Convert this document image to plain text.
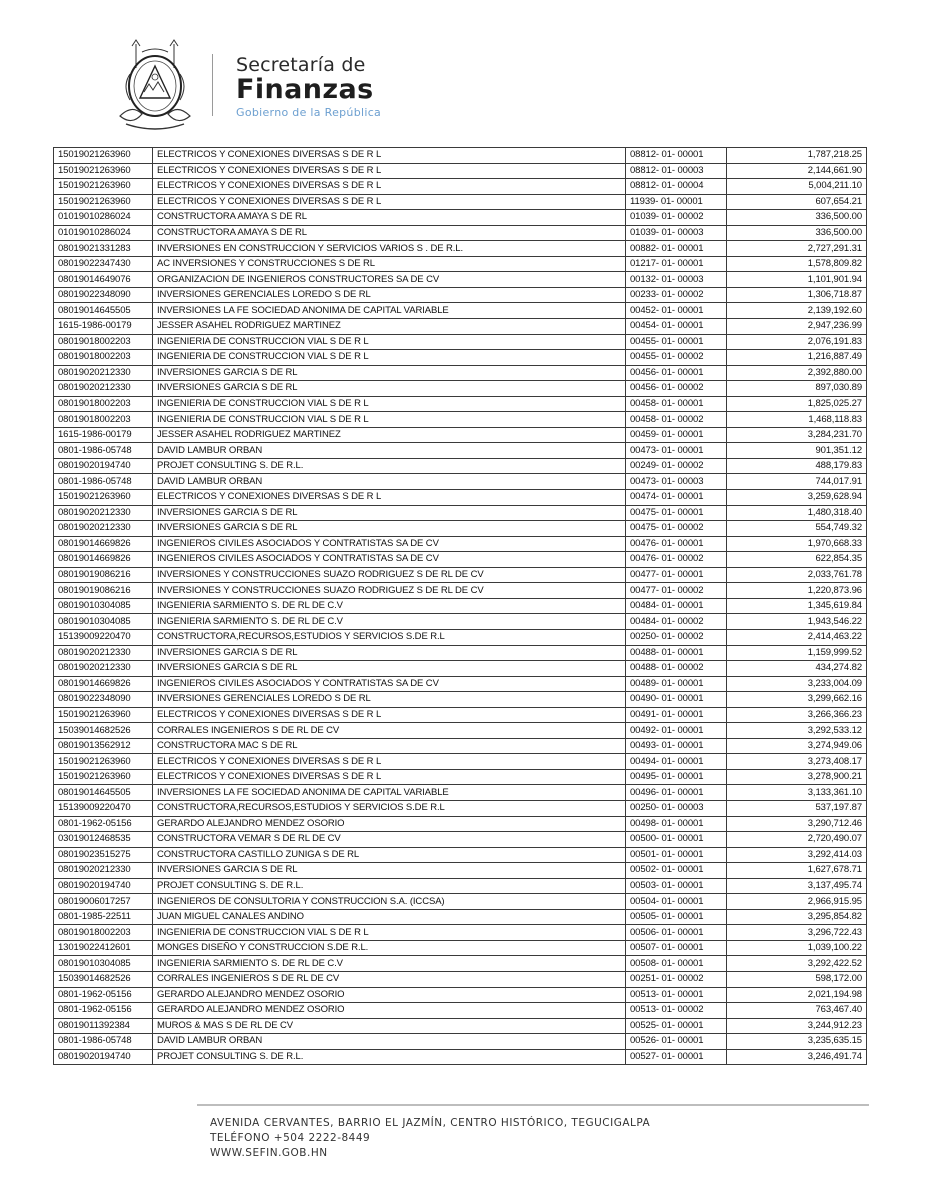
Secretaría de
Finanzas
Gobierno de la República
15019021263960	ELECTRICOS Y CONEXIONES DIVERSAS S DE R L	08812- 01- 00001	1,787,218.25
15019021263960	ELECTRICOS Y CONEXIONES DIVERSAS S DE R L	08812- 01- 00003	2,144,661.90
15019021263960	ELECTRICOS Y CONEXIONES DIVERSAS S DE R L	08812- 01- 00004	5,004,211.10
15019021263960	ELECTRICOS Y CONEXIONES DIVERSAS S DE R L	11939- 01- 00001	607,654.21
01019010286024	CONSTRUCTORA AMAYA S DE RL	01039- 01- 00002	336,500.00
01019010286024	CONSTRUCTORA AMAYA S DE RL	01039- 01- 00003	336,500.00
08019021331283	INVERSIONES EN CONSTRUCCION Y SERVICIOS VARIOS S . DE R.L.	00882- 01- 00001	2,727,291.31
08019022347430	AC INVERSIONES Y CONSTRUCCIONES S DE RL	01217- 01- 00001	1,578,809.82
08019014649076	ORGANIZACION DE INGENIEROS CONSTRUCTORES SA DE CV	00132- 01- 00003	1,101,901.94
08019022348090	INVERSIONES GERENCIALES LOREDO S DE RL	00233- 01- 00002	1,306,718.87
08019014645505	INVERSIONES LA FE SOCIEDAD ANONIMA DE CAPITAL VARIABLE	00452- 01- 00001	2,139,192.60
1615-1986-00179	JESSER ASAHEL RODRIGUEZ MARTINEZ	00454- 01- 00001	2,947,236.99
08019018002203	INGENIERIA DE CONSTRUCCION VIAL S DE R L	00455- 01- 00001	2,076,191.83
08019018002203	INGENIERIA DE CONSTRUCCION VIAL S DE R L	00455- 01- 00002	1,216,887.49
08019020212330	INVERSIONES GARCIA S DE RL	00456- 01- 00001	2,392,880.00
08019020212330	INVERSIONES GARCIA S DE RL	00456- 01- 00002	897,030.89
08019018002203	INGENIERIA DE CONSTRUCCION VIAL S DE R L	00458- 01- 00001	1,825,025.27
08019018002203	INGENIERIA DE CONSTRUCCION VIAL S DE R L	00458- 01- 00002	1,468,118.83
1615-1986-00179	JESSER ASAHEL RODRIGUEZ MARTINEZ	00459- 01- 00001	3,284,231.70
0801-1986-05748	DAVID LAMBUR ORBAN	00473- 01- 00001	901,351.12
08019020194740	PROJET CONSULTING S. DE R.L.	00249- 01- 00002	488,179.83
0801-1986-05748	DAVID LAMBUR ORBAN	00473- 01- 00003	744,017.91
15019021263960	ELECTRICOS Y CONEXIONES DIVERSAS S DE R L	00474- 01- 00001	3,259,628.94
08019020212330	INVERSIONES GARCIA S DE RL	00475- 01- 00001	1,480,318.40
08019020212330	INVERSIONES GARCIA S DE RL	00475- 01- 00002	554,749.32
08019014669826	INGENIEROS CIVILES ASOCIADOS Y CONTRATISTAS SA DE CV	00476- 01- 00001	1,970,668.33
08019014669826	INGENIEROS CIVILES ASOCIADOS Y CONTRATISTAS SA DE CV	00476- 01- 00002	622,854.35
08019019086216	INVERSIONES Y CONSTRUCCIONES SUAZO RODRIGUEZ S DE RL DE CV	00477- 01- 00001	2,033,761.78
08019019086216	INVERSIONES Y CONSTRUCCIONES SUAZO RODRIGUEZ S DE RL DE CV	00477- 01- 00002	1,220,873.96
08019010304085	INGENIERIA SARMIENTO S. DE RL DE C.V	00484- 01- 00001	1,345,619.84
08019010304085	INGENIERIA SARMIENTO S. DE RL DE C.V	00484- 01- 00002	1,943,546.22
15139009220470	CONSTRUCTORA,RECURSOS,ESTUDIOS Y SERVICIOS S.DE R.L	00250- 01- 00002	2,414,463.22
08019020212330	INVERSIONES GARCIA S DE RL	00488- 01- 00001	1,159,999.52
08019020212330	INVERSIONES GARCIA S DE RL	00488- 01- 00002	434,274.82
08019014669826	INGENIEROS CIVILES ASOCIADOS Y CONTRATISTAS SA DE CV	00489- 01- 00001	3,233,004.09
08019022348090	INVERSIONES GERENCIALES LOREDO S DE RL	00490- 01- 00001	3,299,662.16
15019021263960	ELECTRICOS Y CONEXIONES DIVERSAS S DE R L	00491- 01- 00001	3,266,366.23
15039014682526	CORRALES INGENIEROS S DE RL DE CV	00492- 01- 00001	3,292,533.12
08019013562912	CONSTRUCTORA MAC S DE RL	00493- 01- 00001	3,274,949.06
15019021263960	ELECTRICOS Y CONEXIONES DIVERSAS S DE R L	00494- 01- 00001	3,273,408.17
15019021263960	ELECTRICOS Y CONEXIONES DIVERSAS S DE R L	00495- 01- 00001	3,278,900.21
08019014645505	INVERSIONES LA FE SOCIEDAD ANONIMA DE CAPITAL VARIABLE	00496- 01- 00001	3,133,361.10
15139009220470	CONSTRUCTORA,RECURSOS,ESTUDIOS Y SERVICIOS S.DE R.L	00250- 01- 00003	537,197.87
0801-1962-05156	GERARDO ALEJANDRO MENDEZ OSORIO	00498- 01- 00001	3,290,712.46
03019012468535	CONSTRUCTORA VEMAR S DE RL DE CV	00500- 01- 00001	2,720,490.07
08019023515275	CONSTRUCTORA CASTILLO ZUNIGA S DE RL	00501- 01- 00001	3,292,414.03
08019020212330	INVERSIONES GARCIA S DE RL	00502- 01- 00001	1,627,678.71
08019020194740	PROJET CONSULTING S. DE R.L.	00503- 01- 00001	3,137,495.74
08019006017257	INGENIEROS DE CONSULTORIA Y CONSTRUCCION S.A. (ICCSA)	00504- 01- 00001	2,966,915.95
0801-1985-22511	JUAN MIGUEL CANALES ANDINO	00505- 01- 00001	3,295,854.82
08019018002203	INGENIERIA DE CONSTRUCCION VIAL S DE R L	00506- 01- 00001	3,296,722.43
13019022412601	MONGES DISEÑO Y CONSTRUCCION S.DE R.L.	00507- 01- 00001	1,039,100.22
08019010304085	INGENIERIA SARMIENTO S. DE RL DE C.V	00508- 01- 00001	3,292,422.52
15039014682526	CORRALES INGENIEROS S DE RL DE CV	00251- 01- 00002	598,172.00
0801-1962-05156	GERARDO ALEJANDRO MENDEZ OSORIO	00513- 01- 00001	2,021,194.98
0801-1962-05156	GERARDO ALEJANDRO MENDEZ OSORIO	00513- 01- 00002	763,467.40
08019011392384	MUROS & MAS S DE RL DE CV	00525- 01- 00001	3,244,912.23
0801-1986-05748	DAVID LAMBUR ORBAN	00526- 01- 00001	3,235,635.15
08019020194740	PROJET CONSULTING S. DE R.L.	00527- 01- 00001	3,246,491.74
AVENIDA CERVANTES, BARRIO EL JAZMÍN, CENTRO HISTÓRICO, TEGUCIGALPA
TELÉFONO +504 2222-8449
WWW.SEFIN.GOB.HN
